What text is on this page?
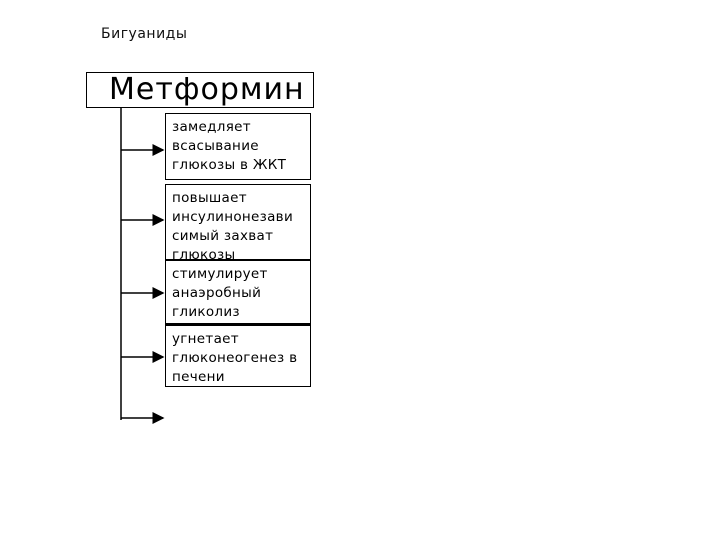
Бигуаниды
Метформин
замедляет
всасывание
глюкозы в ЖКТ
повышает
инсулинонезави
симый захват
глюкозы
стимулирует
анаэробный
гликолиз
угнетает
глюконеогенез в
печени
